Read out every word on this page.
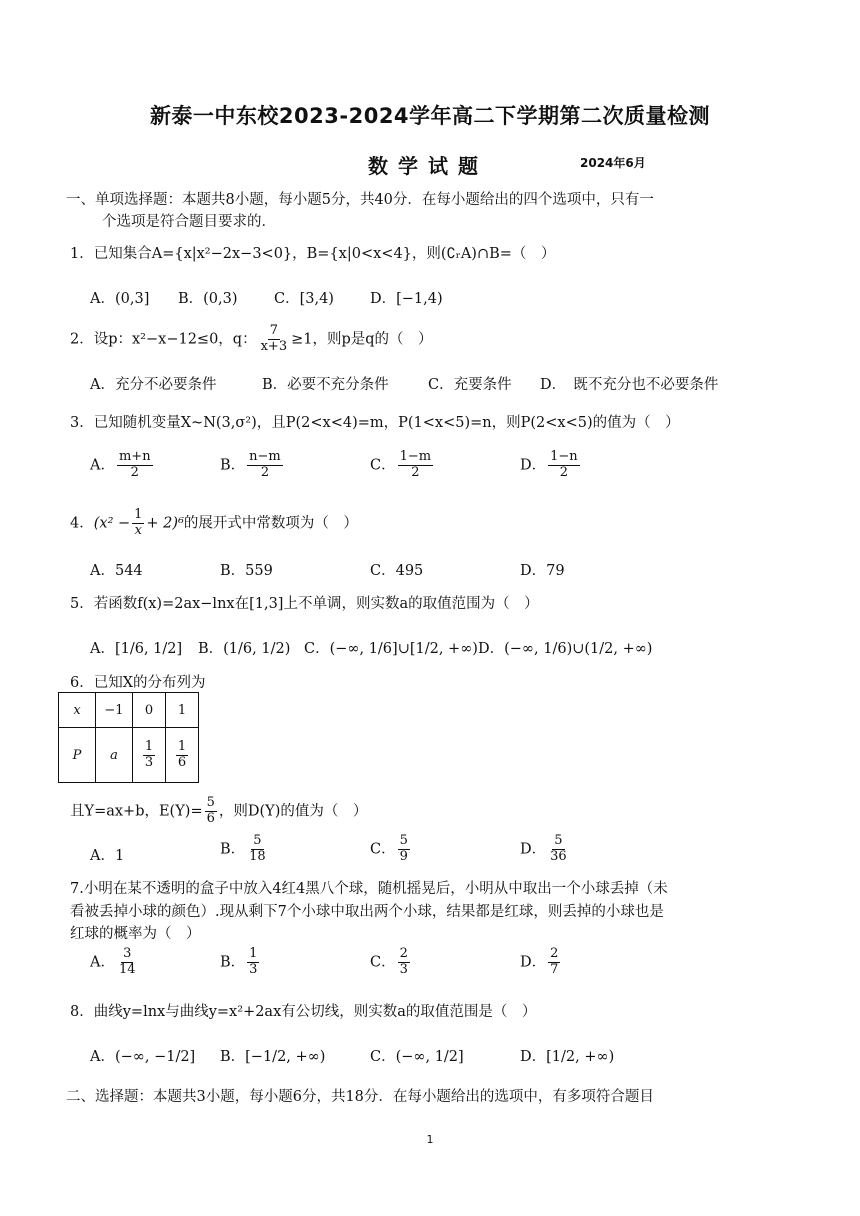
新泰一中东校2023-2024学年高二下学期第二次质量检测
数学试题	2024年6月
一、单项选择题：本题共8小题，每小题5分，共40分．在每小题给出的四个选项中，只有一
个选项是符合题目要求的．
1．已知集合A={x|x²−2x−3<0}，B={x|0<x<4}，则(∁ᵣA)∩B=（　）
A．(0,3] B．(0,3)	C．[3,4) D．[−1,4)
2．设p：x²−x−12≤0，q： $\frac{7}{x+3} \ge 1$，则p是q的（　）
A．充分不必要条件	B．必要不充分条件	C．充要条件 D．　既不充分也不必要条件
3．已知随机变量X~N(3,σ²)，且P(2<x<4)=m，P(1<x<5)=n，则P(2<x<5)的值为（　）
A． $\frac{m+n}{2}$	B． $\frac{n-m}{2}$	C． $\frac{1-m}{2}$	D． $\frac{1-n}{2}$
4．$(x^2 - \frac{1}{x} + 2)^6$的展开式中常数项为（　）
A．544	B．559	C．495	D．79
5．若函数f(x)=2ax−lnx在[1,3]上不单调，则实数a的取值范围为（　）
A．[1/6, 1/2] B．(1/6, 1/2) C．(−∞, 1/6]∪[1/2, +∞) D．(−∞, 1/6)∪(1/2, +∞)
6．已知X的分布列为
x	−1	0	1
P	a	$\frac{1}{3}$	$\frac{1}{6}$
且Y=ax+b，$E(Y)= \frac{5}{6}$ ，则D(Y)的值为（　）
A．1	B． $\frac{5}{18}$	C． $\frac{5}{9}$	D． $\frac{5}{36}$
7.小明在某不透明的盒子中放入4红4黑八个球，随机摇晃后，小明从中取出一个小球丢掉（未
看被丢掉小球的颜色）.现从剩下7个小球中取出两个小球，结果都是红球，则丢掉的小球也是
红球的概率为（　）
A． $\frac{3}{14}$	B． $\frac{1}{3}$	C． $\frac{2}{3}$	D． $\frac{2}{7}$
8．曲线y=lnx与曲线y=x²+2ax有公切线，则实数a的取值范围是（　）
A．(−∞, −1/2] B．[−1/2, +∞)	C．(−∞, 1/2]	D．[1/2, +∞)
二、选择题：本题共3小题，每小题6分，共18分．在每小题给出的选项中，有多项符合题目
1
